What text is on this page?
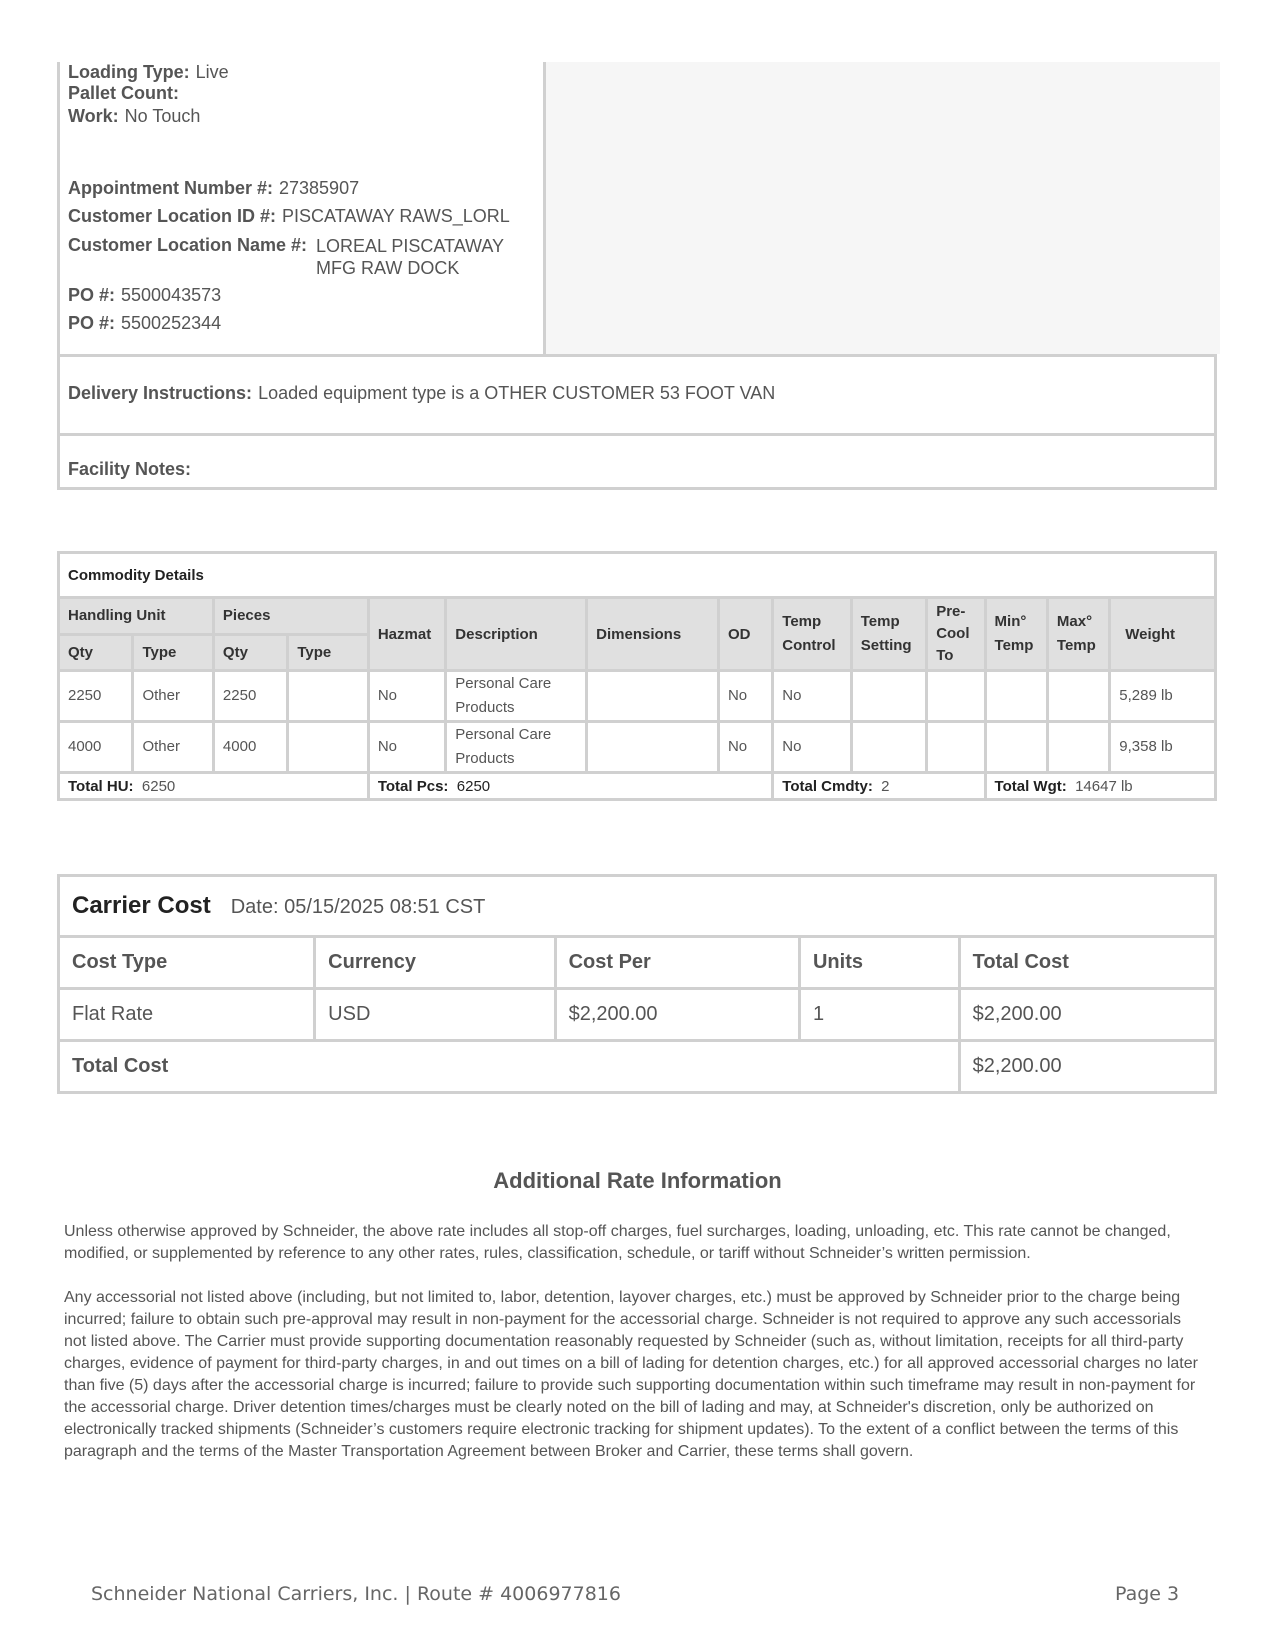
Loading Type: Live
Pallet Count:
Work: No Touch
Appointment Number #: 27385907
Customer Location ID #: PISCATAWAY RAWS_LORL
Customer Location Name #: LOREAL PISCATAWAY
MFG RAW DOCK
PO #: 5500043573
PO #: 5500252344
Delivery Instructions: Loaded equipment type is a OTHER CUSTOMER 53 FOOT VAN
Facility Notes:
Commodity Details													
Handling Unit		Pieces		Hazmat	Description	Dimensions	OD	Temp Control	Temp Setting	Pre-Cool To	Min° Temp	Max° Temp	Weight
Qty	Type	Qty	Type										
2250	Other	2250		No	Personal Care Products		No	No					5,289 lb
4000	Other	4000		No	Personal Care Products		No	No					9,358 lb
Total HU: 6250				Total Pcs: 6250				Total Cmdty: 2			Total Wgt: 14647 lb		
Carrier Cost Date: 05/15/2025 08:51 CST				
Cost Type	Currency	Cost Per	Units	Total Cost
Flat Rate	USD	$2,200.00	1	$2,200.00
Total Cost				$2,200.00
Additional Rate Information
Unless otherwise approved by Schneider, the above rate includes all stop-off charges, fuel surcharges, loading, unloading, etc. This rate cannot be changed, modified, or supplemented by reference to any other rates, rules, classification, schedule, or tariff without Schneider’s written permission.
Any accessorial not listed above (including, but not limited to, labor, detention, layover charges, etc.) must be approved by Schneider prior to the charge being incurred; failure to obtain such pre-approval may result in non-payment for the accessorial charge. Schneider is not required to approve any such accessorials not listed above. The Carrier must provide supporting documentation reasonably requested by Schneider (such as, without limitation, receipts for all third-party charges, evidence of payment for third-party charges, in and out times on a bill of lading for detention charges, etc.) for all approved accessorial charges no later than five (5) days after the accessorial charge is incurred; failure to provide such supporting documentation within such timeframe may result in non-payment for the accessorial charge. Driver detention times/charges must be clearly noted on the bill of lading and may, at Schneider's discretion, only be authorized on electronically tracked shipments (Schneider’s customers require electronic tracking for shipment updates). To the extent of a conflict between the terms of this paragraph and the terms of the Master Transportation Agreement between Broker and Carrier, these terms shall govern.
Schneider National Carriers, Inc. | Route # 4006977816	Page 3
